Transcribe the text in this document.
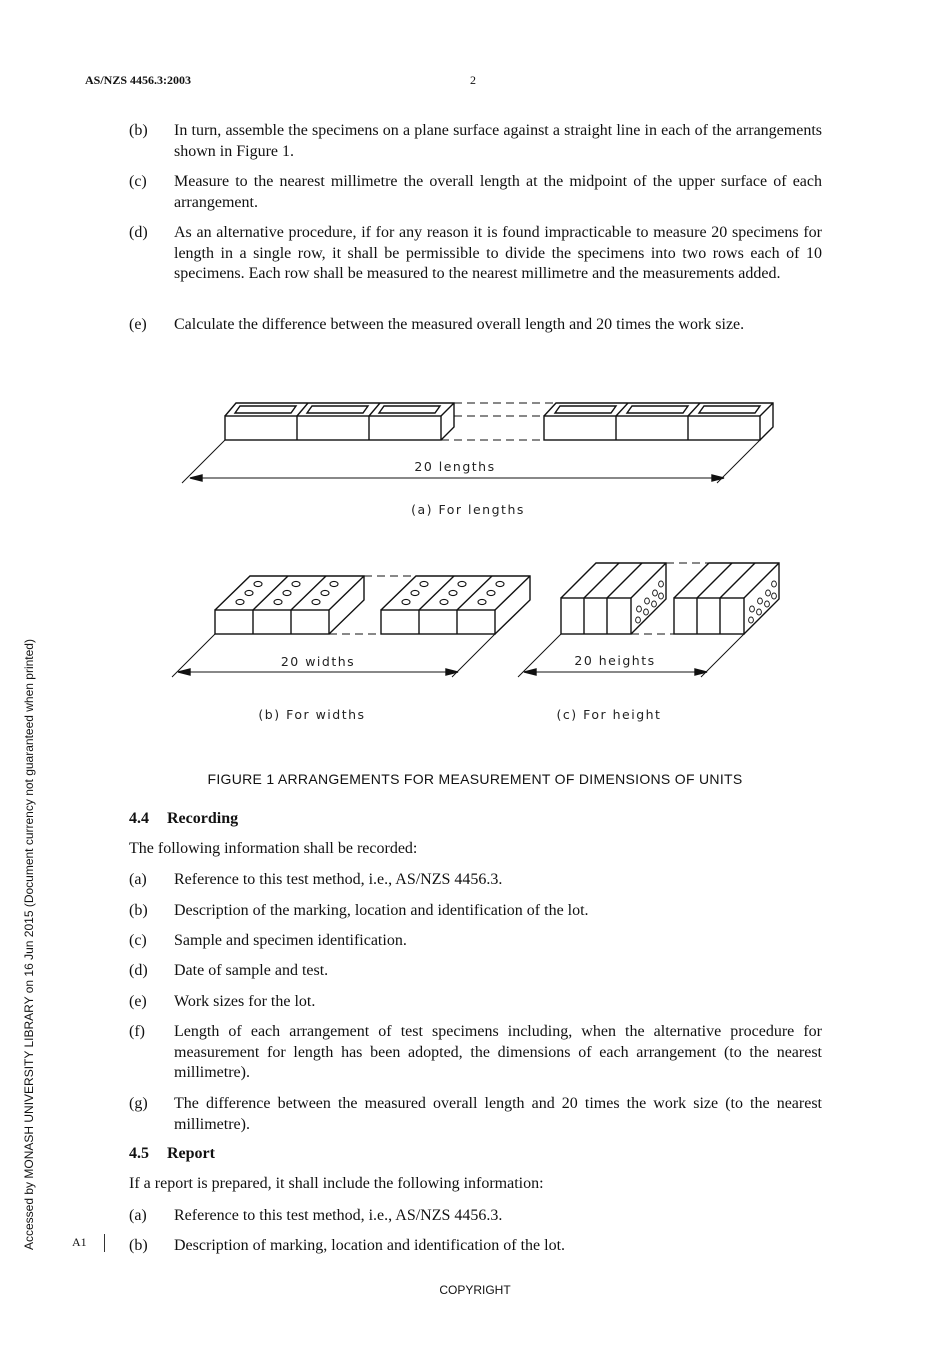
AS/NZS 4456.3:2003	2
Accessed by MONASH UNIVERSITY LIBRARY on 16 Jun 2015 (Document currency not guaranteed when printed)
(b) In turn, assemble the specimens on a plane surface against a straight line in each of the arrangements shown in Figure 1.
(c) Measure to the nearest millimetre the overall length at the midpoint of the upper surface of each arrangement.
(d) As an alternative procedure, if for any reason it is found impracticable to measure 20 specimens for length in a single row, it shall be permissible to divide the specimens into two rows each of 10 specimens. Each row shall be measured to the nearest millimetre and the measurements added.
(e) Calculate the difference between the measured overall length and 20 times the work size.
20 lengths
(a) For lengths
20 widths	20 heights
(b) For widths	(c) For height
FIGURE 1 ARRANGEMENTS FOR MEASUREMENT OF DIMENSIONS OF UNITS
4.4 Recording
The following information shall be recorded:
(a) Reference to this test method, i.e., AS/NZS 4456.3.
(b) Description of the marking, location and identification of the lot.
(c) Sample and specimen identification.
(d) Date of sample and test.
(e) Work sizes for the lot.
(f) Length of each arrangement of test specimens including, when the alternative procedure for measurement for length has been adopted, the dimensions of each arrangement (to the nearest millimetre).
(g) The difference between the measured overall length and 20 times the work size (to the nearest millimetre).
4.5 Report
If a report is prepared, it shall include the following information:
(a) Reference to this test method, i.e., AS/NZS 4456.3.
(b) Description of marking, location and identification of the lot.
A1
COPYRIGHT
